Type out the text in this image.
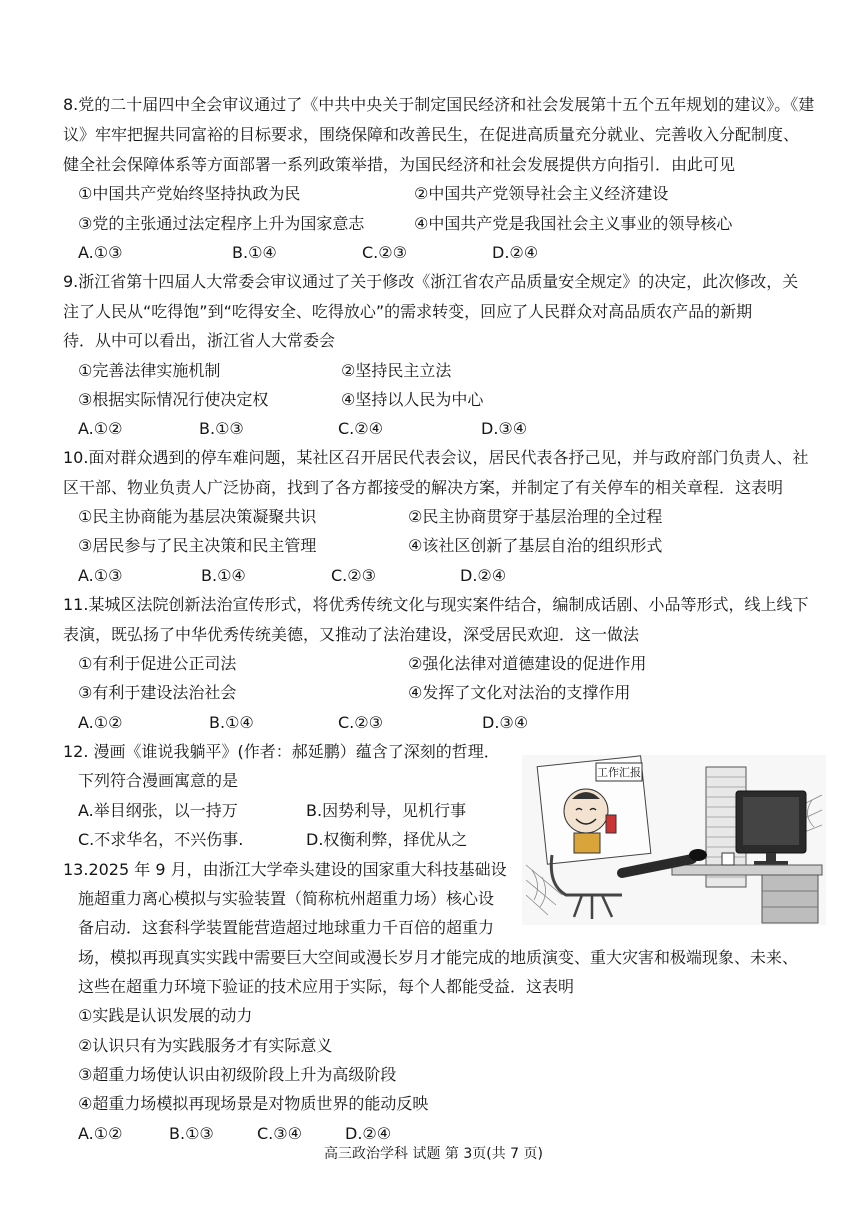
8.党的二十届四中全会审议通过了《中共中央关于制定国民经济和社会发展第十五个五年规划的建议》。《建
议》牢牢把握共同富裕的目标要求，围绕保障和改善民生，在促进高质量充分就业、完善收入分配制度、
健全社会保障体系等方面部署一系列政策举措，为国民经济和社会发展提供方向指引．由此可见
①中国共产党始终坚持执政为民	②中国共产党领导社会主义经济建设
③党的主张通过法定程序上升为国家意志	④中国共产党是我国社会主义事业的领导核心
A.①③	B.①④	C.②③	D.②④
9.浙江省第十四届人大常委会审议通过了关于修改《浙江省农产品质量安全规定》的决定，此次修改，关
注了人民从“吃得饱”到“吃得安全、吃得放心”的需求转变，回应了人民群众对高品质农产品的新期
待．从中可以看出，浙江省人大常委会
①完善法律实施机制	②坚持民主立法
③根据实际情况行使决定权	④坚持以人民为中心
A.①②	B.①③	C.②④	D.③④
10.面对群众遇到的停车难问题，某社区召开居民代表会议，居民代表各抒己见，并与政府部门负责人、社
区干部、物业负责人广泛协商，找到了各方都接受的解决方案，并制定了有关停车的相关章程．这表明
①民主协商能为基层决策凝聚共识	②民主协商贯穿于基层治理的全过程
③居民参与了民主决策和民主管理	④该社区创新了基层自治的组织形式
A.①③	B.①④	C.②③	D.②④
11.某城区法院创新法治宣传形式，将优秀传统文化与现实案件结合，编制成话剧、小品等形式，线上线下
表演，既弘扬了中华优秀传统美德，又推动了法治建设，深受居民欢迎．这一做法
①有利于促进公正司法	②强化法律对道德建设的促进作用
③有利于建设法治社会	④发挥了文化对法治的支撑作用
A.①②	B.①④	C.②③	D.③④
12. 漫画《谁说我躺平》(作者：郝延鹏）蕴含了深刻的哲理．
下列符合漫画寓意的是
A.举目纲张，以一持万	B.因势利导，见机行事
C.不求华名，不兴伤事.	D.权衡利弊，择优从之
13.2025 年 9 月，由浙江大学牵头建设的国家重大科技基础设
施超重力离心模拟与实验装置（简称杭州超重力场）核心设
备启动．这套科学装置能营造超过地球重力千百倍的超重力
场，模拟再现真实实践中需要巨大空间或漫长岁月才能完成的地质演变、重大灾害和极端现象、未来、
这些在超重力环境下验证的技术应用于实际，每个人都能受益．这表明
①实践是认识发展的动力
②认识只有为实践服务才有实际意义
③超重力场使认识由初级阶段上升为高级阶段
④超重力场模拟再现场景是对物质世界的能动反映
A.①②	B.①③	C.③④	D.②④
工作汇报
高三政治学科 试题 第 3页(共 7 页)
